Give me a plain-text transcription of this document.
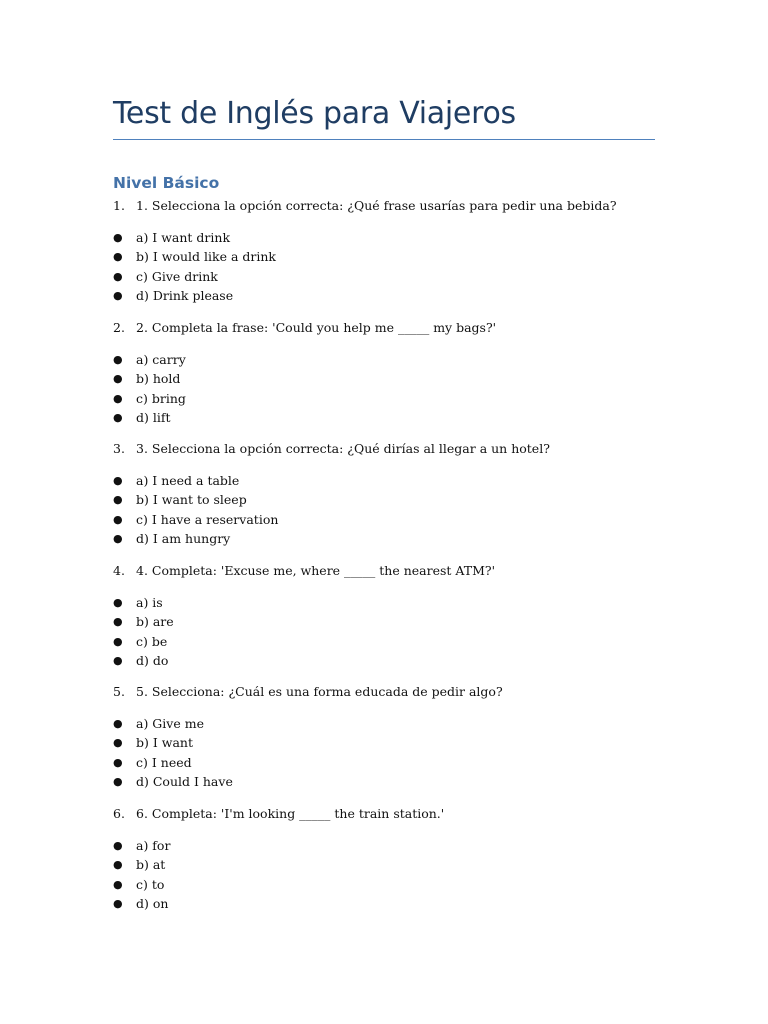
Test de Inglés para Viajeros
Nivel Básico
1. 1. Selecciona la opción correcta: ¿Qué frase usarías para pedir una bebida?
● a) I want drink
● b) I would like a drink
● c) Give drink
● d) Drink please
2. 2. Completa la frase: 'Could you help me _____ my bags?'
● a) carry
● b) hold
● c) bring
● d) lift
3. 3. Selecciona la opción correcta: ¿Qué dirías al llegar a un hotel?
● a) I need a table
● b) I want to sleep
● c) I have a reservation
● d) I am hungry
4. 4. Completa: 'Excuse me, where _____ the nearest ATM?'
● a) is
● b) are
● c) be
● d) do
5. 5. Selecciona: ¿Cuál es una forma educada de pedir algo?
● a) Give me
● b) I want
● c) I need
● d) Could I have
6. 6. Completa: 'I'm looking _____ the train station.'
● a) for
● b) at
● c) to
● d) on
